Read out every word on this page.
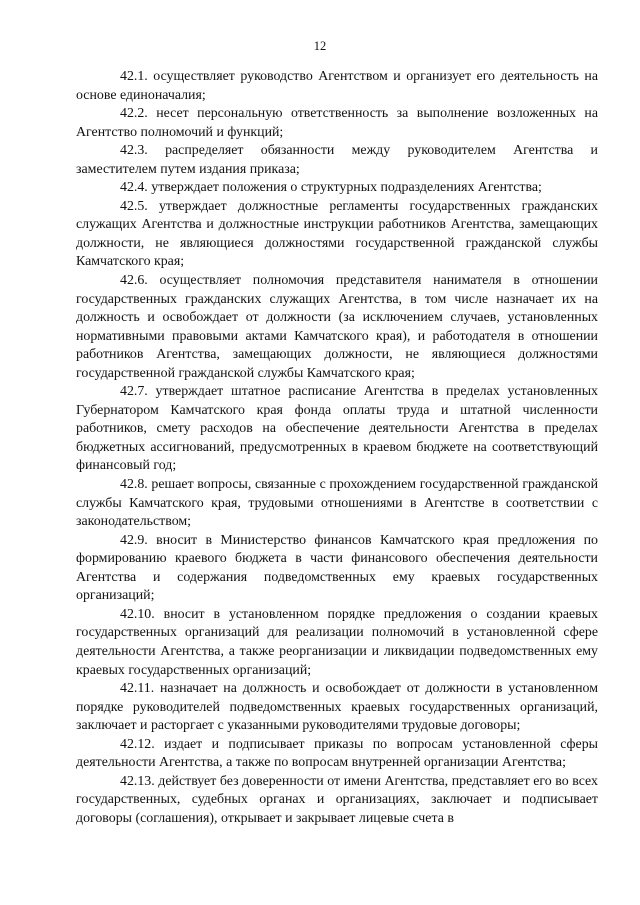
12

42.1. осуществляет руководство Агентством и организует его деятельность на основе единоначалия;

42.2. несет персональную ответственность за выполнение возложенных на Агентство полномочий и функций;

42.3. распределяет обязанности между руководителем Агентства и заместителем путем издания приказа;

42.4. утверждает положения о структурных подразделениях Агентства;

42.5. утверждает должностные регламенты государственных гражданских служащих Агентства и должностные инструкции работников Агентства, замещающих должности, не являющиеся должностями государственной гражданской службы Камчатского края;

42.6. осуществляет полномочия представителя нанимателя в отношении государственных гражданских служащих Агентства, в том числе назначает их на должность и освобождает от должности (за исключением случаев, установленных нормативными правовыми актами Камчатского края), и работодателя в отношении работников Агентства, замещающих должности, не являющиеся должностями государственной гражданской службы Камчатского края;

42.7. утверждает штатное расписание Агентства в пределах установленных Губернатором Камчатского края фонда оплаты труда и штатной численности работников, смету расходов на обеспечение деятельности Агентства в пределах бюджетных ассигнований, предусмотренных в краевом бюджете на соответствующий финансовый год;

42.8. решает вопросы, связанные с прохождением государственной гражданской службы Камчатского края, трудовыми отношениями в Агентстве в соответствии с законодательством;

42.9. вносит в Министерство финансов Камчатского края предложения по формированию краевого бюджета в части финансового обеспечения деятельности Агентства и содержания подведомственных ему краевых государственных организаций;

42.10. вносит в установленном порядке предложения о создании краевых государственных организаций для реализации полномочий в установленной сфере деятельности Агентства, а также реорганизации и ликвидации подведомственных ему краевых государственных организаций;

42.11. назначает на должность и освобождает от должности в установленном порядке руководителей подведомственных краевых государственных организаций, заключает и расторгает с указанными руководителями трудовые договоры;

42.12. издает и подписывает приказы по вопросам установленной сферы деятельности Агентства, а также по вопросам внутренней организации Агентства;

42.13. действует без доверенности от имени Агентства, представляет его во всех государственных, судебных органах и организациях, заключает и подписывает договоры (соглашения), открывает и закрывает лицевые счета в
